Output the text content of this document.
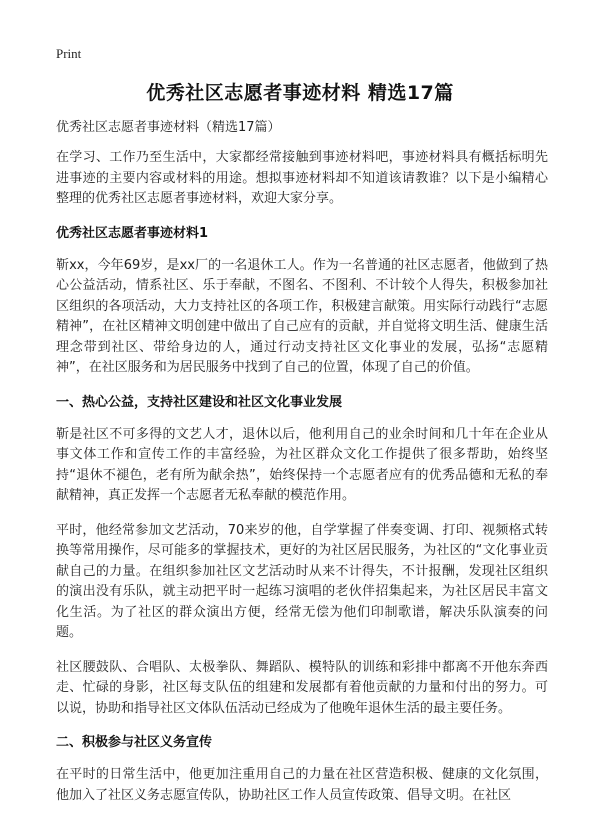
Print
优秀社区志愿者事迹材料 精选17篇

优秀社区志愿者事迹材料（精选17篇）

在学习、工作乃至生活中，大家都经常接触到事迹材料吧，事迹材料具有概括标明先进事迹的主要内容或材料的用途。想拟事迹材料却不知道该请教谁？以下是小编精心整理的优秀社区志愿者事迹材料，欢迎大家分享。

优秀社区志愿者事迹材料1

靳xx，今年69岁，是xx厂的一名退休工人。作为一名普通的社区志愿者，他做到了热心公益活动，情系社区、乐于奉献，不图名、不图利、不计较个人得失，积极参加社区组织的各项活动，大力支持社区的各项工作，积极建言献策。用实际行动践行“志愿精神”，在社区精神文明创建中做出了自己应有的贡献，并自觉将文明生活、健康生活理念带到社区、带给身边的人，通过行动支持社区文化事业的发展，弘扬“志愿精神”，在社区服务和为居民服务中找到了自己的位置，体现了自己的价值。

一、热心公益，支持社区建设和社区文化事业发展

靳是社区不可多得的文艺人才，退休以后，他利用自己的业余时间和几十年在企业从事文体工作和宣传工作的丰富经验，为社区群众文化工作提供了很多帮助，始终坚持“退休不褪色，老有所为献余热”，始终保持一个志愿者应有的优秀品德和无私的奉献精神，真正发挥一个志愿者无私奉献的模范作用。

平时，他经常参加文艺活动，70来岁的他，自学掌握了伴奏变调、打印、视频格式转换等常用操作，尽可能多的掌握技术，更好的为社区居民服务，为社区的“文化事业贡献自己的力量。在组织参加社区文艺活动时从来不计得失，不计报酬，发现社区组织的演出没有乐队，就主动把平时一起练习演唱的老伙伴招集起来，为社区居民丰富文化生活。为了社区的群众演出方便，经常无偿为他们印制歌谱，解决乐队演奏的问题。

社区腰鼓队、合唱队、太极拳队、舞蹈队、模特队的训练和彩排中都离不开他东奔西走、忙碌的身影，社区每支队伍的组建和发展都有着他贡献的力量和付出的努力。可以说，协助和指导社区文体队伍活动已经成为了他晚年退休生活的最主要任务。

二、积极参与社区义务宣传

在平时的日常生活中，他更加注重用自己的力量在社区营造积极、健康的文化氛围，他加入了社区义务志愿宣传队，协助社区工作人员宣传政策、倡导文明。在社区
